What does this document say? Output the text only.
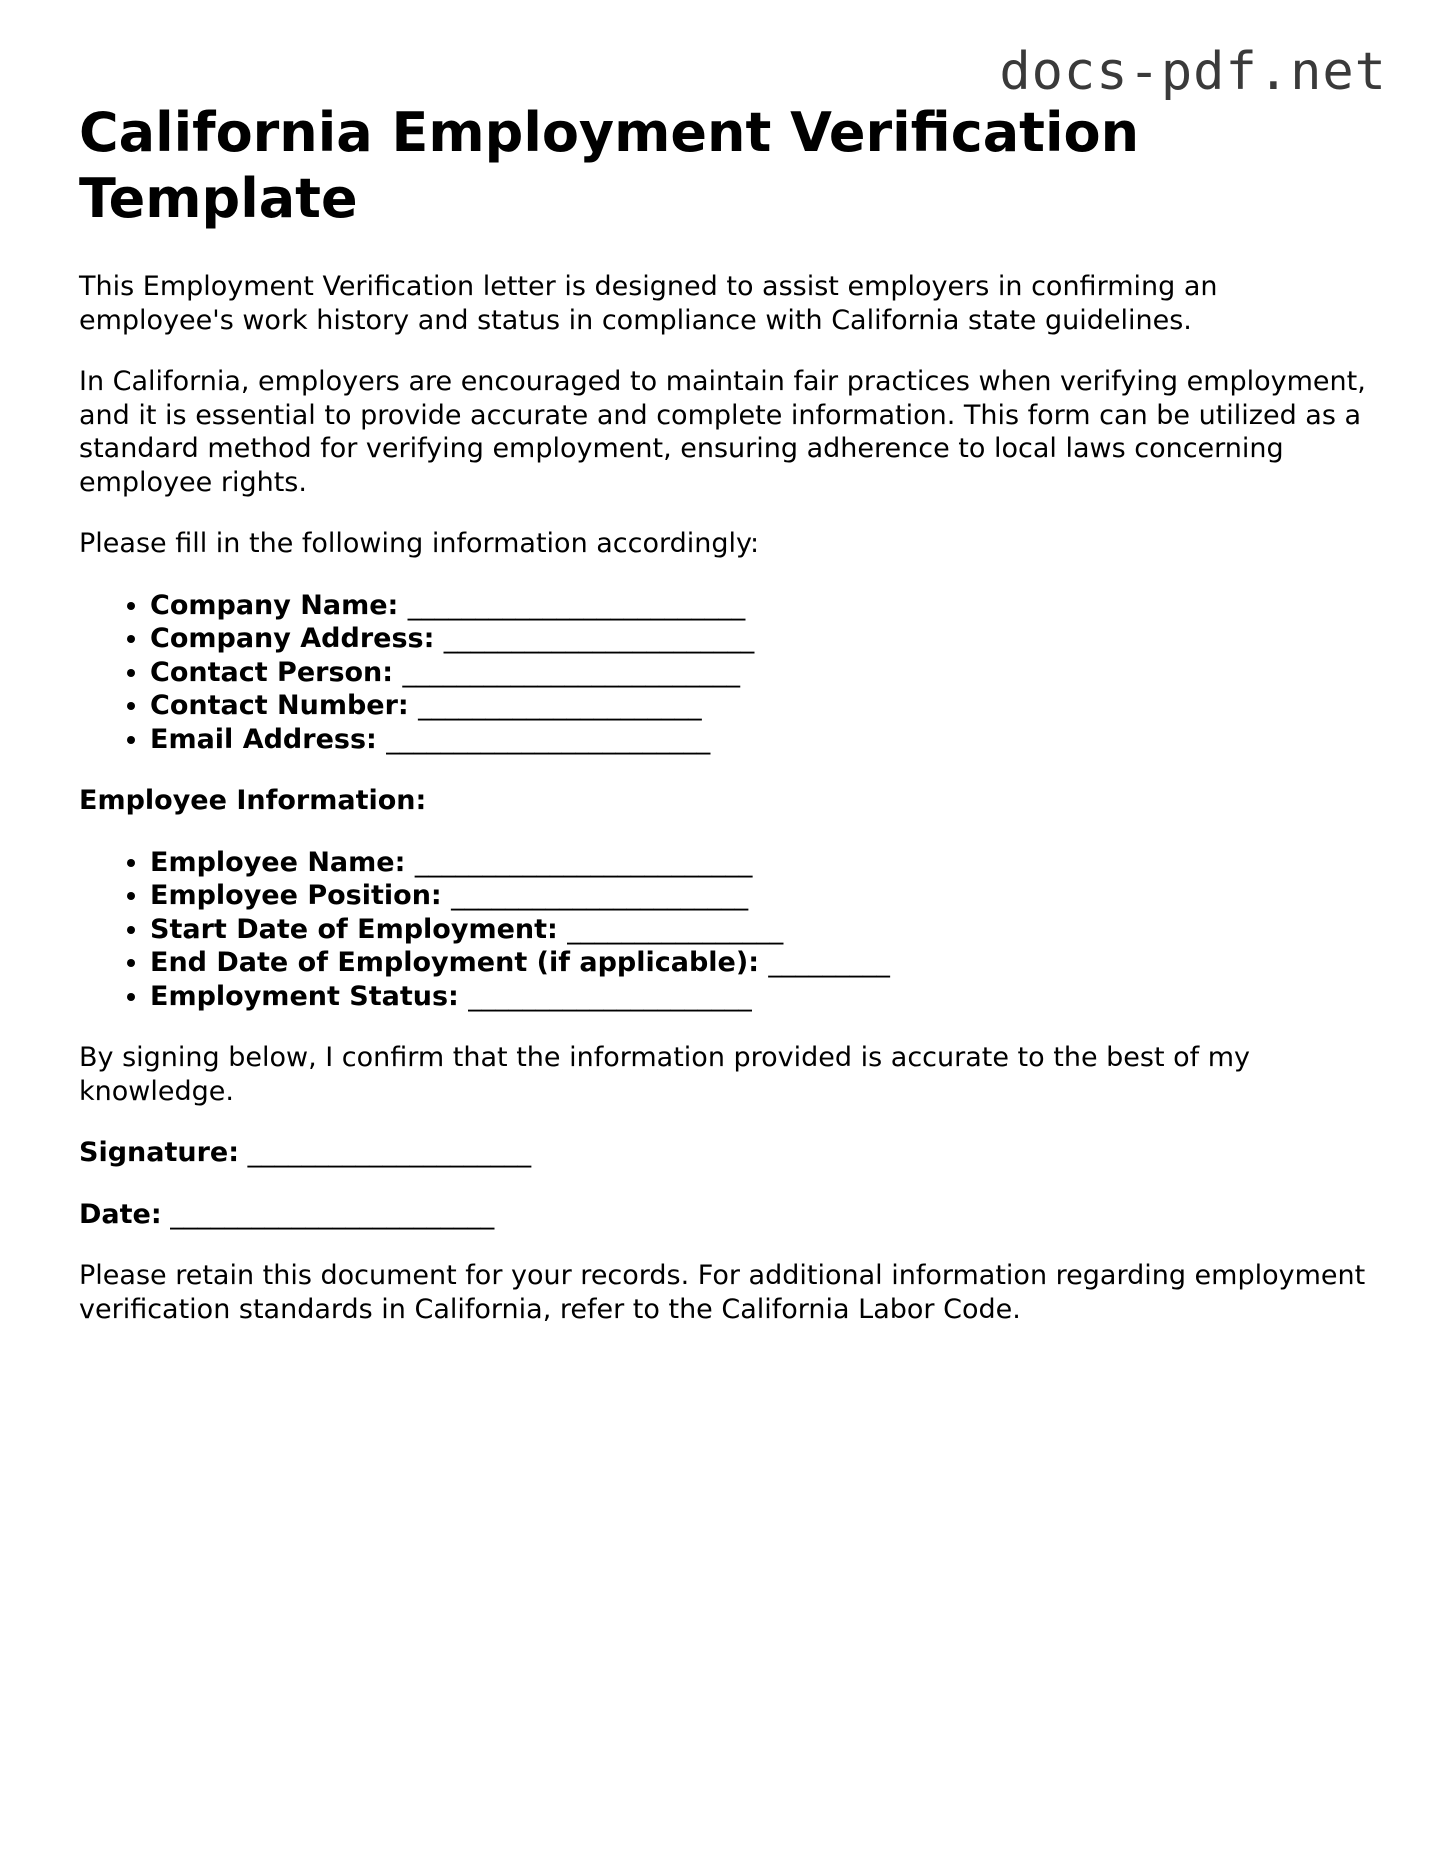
docs-pdf.net
California Employment Verification Template

This Employment Verification letter is designed to assist employers in confirming an employee's work history and status in compliance with California state guidelines.

In California, employers are encouraged to maintain fair practices when verifying employment, and it is essential to provide accurate and complete information. This form can be utilized as a standard method for verifying employment, ensuring adherence to local laws concerning employee rights.

Please fill in the following information accordingly:

• Company Name: _________________________
• Company Address: _______________________
• Contact Person: _________________________
• Contact Number: _____________________
• Email Address: ________________________

Employee Information:

• Employee Name: _________________________
• Employee Position: ______________________
• Start Date of Employment: ________________
• End Date of Employment (if applicable): _________
• Employment Status: _____________________

By signing below, I confirm that the information provided is accurate to the best of my knowledge.

Signature: _____________________

Date: ________________________

Please retain this document for your records. For additional information regarding employment verification standards in California, refer to the California Labor Code.
